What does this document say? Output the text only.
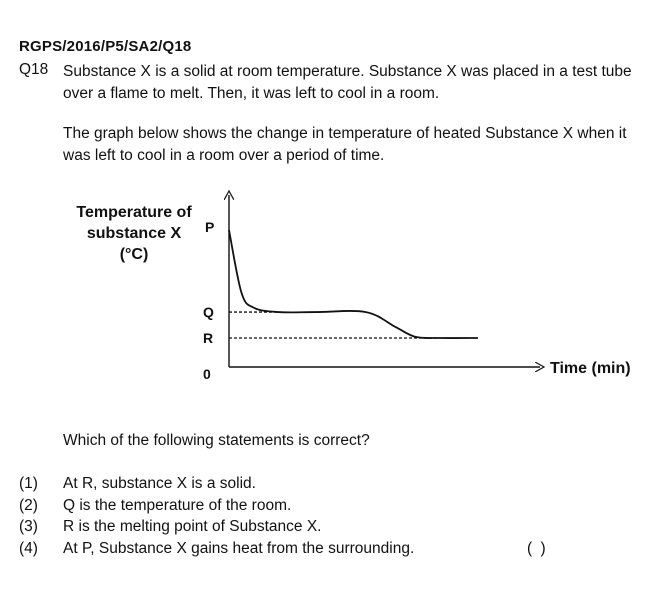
RGPS/2016/P5/SA2/Q18
Q18 Substance X is a solid at room temperature. Substance X was placed in a test tube
over a flame to melt. Then, it was left to cool in a room.
The graph below shows the change in temperature of heated Substance X when it
was left to cool in a room over a period of time.
P
Q
R
0
Temperature of
substance X
(°C)
Time (min)
Which of the following statements is correct?
(1) At R, substance X is a solid.
(2) Q is the temperature of the room.
(3) R is the melting point of Substance X.
(4) At P, Substance X gains heat from the surrounding.	( )
